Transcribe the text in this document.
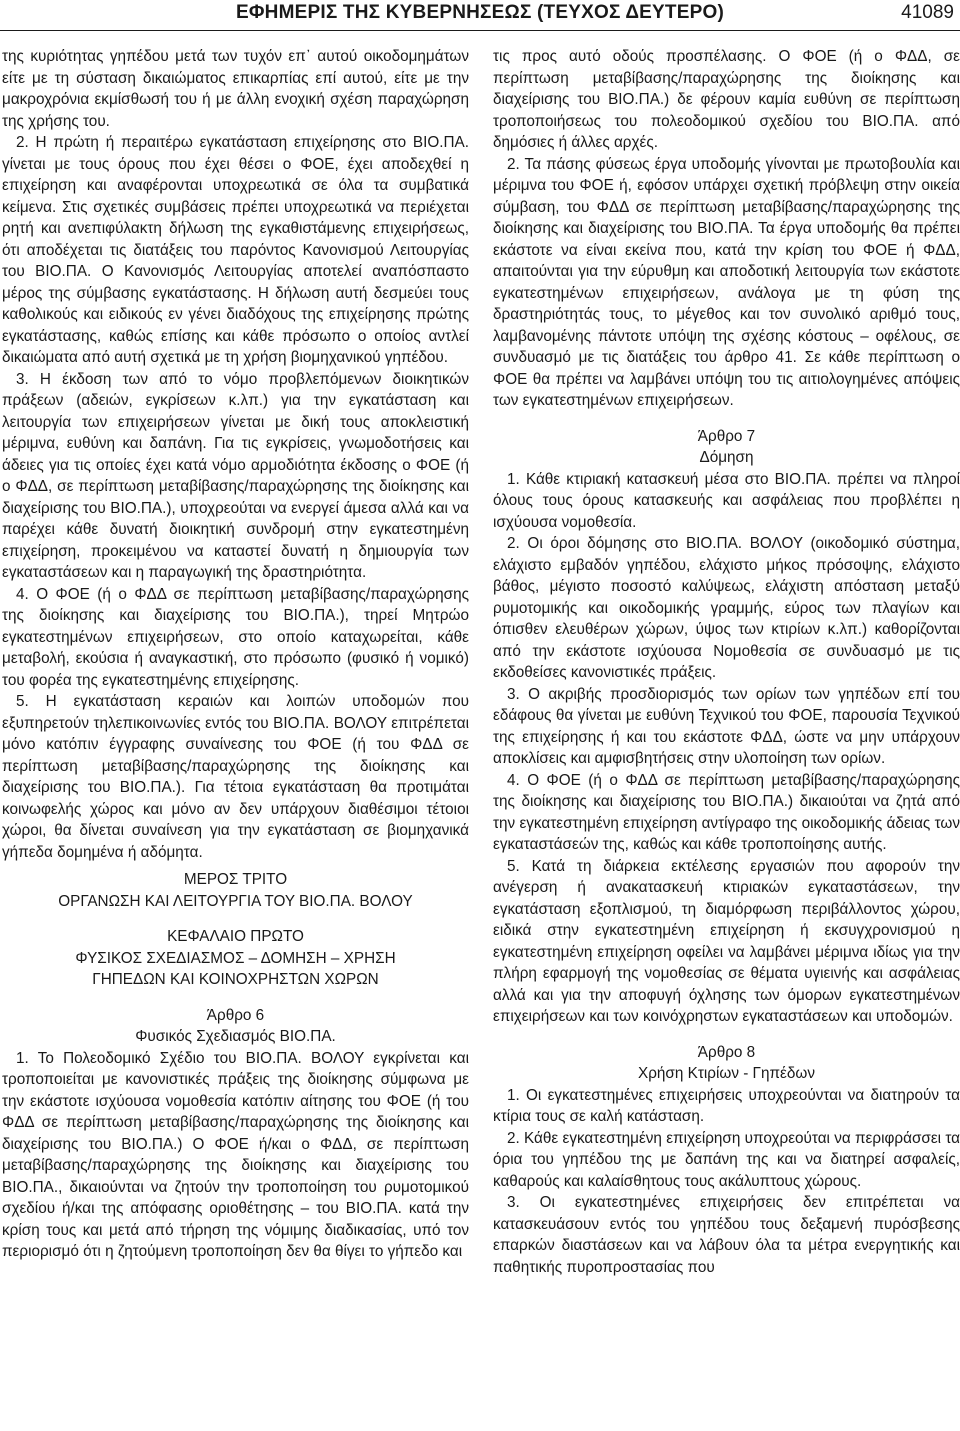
ΕΦΗΜΕΡΙΣ ΤΗΣ ΚΥΒΕΡΝΗΣΕΩΣ (ΤΕΥΧΟΣ ΔΕΥΤΕΡΟ)	41089

της κυριότητας γηπέδου μετά των τυχόν επ᾽ αυτού οικοδομημάτων είτε με τη σύσταση δικαιώματος επικαρπίας επί αυτού, είτε με την μακροχρόνια εκμίσθωσή του ή με άλλη ενοχική σχέση παραχώρηση της χρήσης του.

2. Η πρώτη ή περαιτέρω εγκατάσταση επιχείρησης στο ΒΙΟ.ΠΑ. γίνεται με τους όρους που έχει θέσει ο ΦΟΕ, έχει αποδεχθεί η επιχείρηση και αναφέρονται υποχρεωτικά σε όλα τα συμβατικά κείμενα. Στις σχετικές συμβάσεις πρέπει υποχρεωτικά να περιέχεται ρητή και ανεπιφύλακτη δήλωση της εγκαθιστάμενης επιχειρήσεως, ότι αποδέχεται τις διατάξεις του παρόντος Κανονισμού Λειτουργίας του ΒΙΟ.ΠΑ. Ο Κανονισμός Λειτουργίας αποτελεί αναπόσπαστο μέρος της σύμβασης εγκατάστασης. Η δήλωση αυτή δεσμεύει τους καθολικούς και ειδικούς εν γένει διαδόχους της επιχείρησης πρώτης εγκατάστασης, καθώς επίσης και κάθε πρόσωπο ο οποίος αντλεί δικαιώματα από αυτή σχετικά με τη χρήση βιομηχανικού γηπέδου.

3. Η έκδοση των από το νόμο προβλεπόμενων διοικητικών πράξεων (αδειών, εγκρίσεων κ.λπ.) για την εγκατάσταση και λειτουργία των επιχειρήσεων γίνεται με δική τους αποκλειστική μέριμνα, ευθύνη και δαπάνη. Για τις εγκρίσεις, γνωμοδοτήσεις και άδειες για τις οποίες έχει κατά νόμο αρμοδιότητα έκδοσης ο ΦΟΕ (ή ο ΦΔΔ, σε περίπτωση μεταβίβασης/παραχώρησης της διοίκησης και διαχείρισης του ΒΙΟ.ΠΑ.), υποχρεούται να ενεργεί άμεσα αλλά και να παρέχει κάθε δυνατή διοικητική συνδρομή στην εγκατεστημένη επιχείρηση, προκειμένου να καταστεί δυνατή η δημιουργία των εγκαταστάσεων και η παραγωγική της δραστηριότητα.

4. Ο ΦΟΕ (ή ο ΦΔΔ σε περίπτωση μεταβίβασης/παραχώρησης της διοίκησης και διαχείρισης του ΒΙΟ.ΠΑ.), τηρεί Μητρώο εγκατεστημένων επιχειρήσεων, στο οποίο καταχωρείται, κάθε μεταβολή, εκούσια ή αναγκαστική, στο πρόσωπο (φυσικό ή νομικό) του φορέα της εγκατεστημένης επιχείρησης.

5. Η εγκατάσταση κεραιών και λοιπών υποδομών που εξυπηρετούν τηλεπικοινωνίες εντός του ΒΙΟ.ΠΑ. ΒΟΛΟΥ επιτρέπεται μόνο κατόπιν έγγραφης συναίνεσης του ΦΟΕ (ή του ΦΔΔ σε περίπτωση μεταβίβασης/παραχώρησης της διοίκησης και διαχείρισης του ΒΙΟ.ΠΑ.). Για τέτοια εγκατάσταση θα προτιμάται κοινωφελής χώρος και μόνο αν δεν υπάρχουν διαθέσιμοι τέτοιοι χώροι, θα δίνεται συναίνεση για την εγκατάσταση σε βιομηχανικά γήπεδα δομημένα ή αδόμητα.

ΜΕΡΟΣ ΤΡΙΤΟ

ΟΡΓΑΝΩΣΗ ΚΑΙ ΛΕΙΤΟΥΡΓΙΑ ΤΟΥ ΒΙΟ.ΠΑ. ΒΟΛΟΥ

ΚΕΦΑΛΑΙΟ ΠΡΩΤΟ

ΦΥΣΙΚΟΣ ΣΧΕΔΙΑΣΜΟΣ – ΔΟΜΗΣΗ – ΧΡΗΣΗ

ΓΗΠΕΔΩΝ ΚΑΙ ΚΟΙΝΟΧΡΗΣΤΩΝ ΧΩΡΩΝ

Άρθρο 6

Φυσικός Σχεδιασμός ΒΙΟ.ΠΑ.

1. Το Πολεοδομικό Σχέδιο του ΒΙΟ.ΠΑ. ΒΟΛΟΥ εγκρίνεται και τροποποιείται με κανονιστικές πράξεις της διοίκησης σύμφωνα με την εκάστοτε ισχύουσα νομοθεσία κατόπιν αίτησης του ΦΟΕ (ή του ΦΔΔ σε περίπτωση μεταβίβασης/παραχώρησης της διοίκησης και διαχείρισης του ΒΙΟ.ΠΑ.) Ο ΦΟΕ ή/και ο ΦΔΔ, σε περίπτωση μεταβίβασης/παραχώρησης της διοίκησης και διαχείρισης του ΒΙΟ.ΠΑ., δικαιούνται να ζητούν την τροποποίηση του ρυμοτομικού σχεδίου ή/και της απόφασης οριοθέτησης – του ΒΙΟ.ΠΑ. κατά την κρίση τους και μετά από τήρηση της νόμιμης διαδικασίας, υπό τον περιορισμό ότι η ζητούμενη τροποποίηση δεν θα θίγει το γήπεδο και

τις προς αυτό οδούς προσπέλασης. Ο ΦΟΕ (ή ο ΦΔΔ, σε περίπτωση μεταβίβασης/παραχώρησης της διοίκησης και διαχείρισης του ΒΙΟ.ΠΑ.) δε φέρουν καμία ευθύνη σε περίπτωση τροποποιήσεως του πολεοδομικού σχεδίου του ΒΙΟ.ΠΑ. από δημόσιες ή άλλες αρχές.

2. Τα πάσης φύσεως έργα υποδομής γίνονται με πρωτοβουλία και μέριμνα του ΦΟΕ ή, εφόσον υπάρχει σχετική πρόβλεψη στην οικεία σύμβαση, του ΦΔΔ σε περίπτωση μεταβίβασης/παραχώρησης της διοίκησης και διαχείρισης του ΒΙΟ.ΠΑ. Τα έργα υποδομής θα πρέπει εκάστοτε να είναι εκείνα που, κατά την κρίση του ΦΟΕ ή ΦΔΔ, απαιτούνται για την εύρυθμη και αποδοτική λειτουργία των εκάστοτε εγκατεστημένων επιχειρήσεων, ανάλογα με τη φύση της δραστηριότητάς τους, το μέγεθος και τον συνολικό αριθμό τους, λαμβανομένης πάντοτε υπόψη της σχέσης κόστους – οφέλους, σε συνδυασμό με τις διατάξεις του άρθρο 41. Σε κάθε περίπτωση ο ΦΟΕ θα πρέπει να λαμβάνει υπόψη του τις αιτιολογημένες απόψεις των εγκατεστημένων επιχειρήσεων.

Άρθρο 7

Δόμηση

1. Κάθε κτιριακή κατασκευή μέσα στο ΒΙΟ.ΠΑ. πρέπει να πληροί όλους τους όρους κατασκευής και ασφάλειας που προβλέπει η ισχύουσα νομοθεσία.

2. Οι όροι δόμησης στο ΒΙΟ.ΠΑ. ΒΟΛΟΥ (οικοδομικό σύστημα, ελάχιστο εμβαδόν γηπέδου, ελάχιστο μήκος πρόσοψης, ελάχιστο βάθος, μέγιστο ποσοστό καλύψεως, ελάχιστη απόσταση μεταξύ ρυμοτομικής και οικοδομικής γραμμής, εύρος των πλαγίων και όπισθεν ελευθέρων χώρων, ύψος των κτιρίων κ.λπ.) καθορίζονται από την εκάστοτε ισχύουσα Νομοθεσία σε συνδυασμό με τις εκδοθείσες κανονιστικές πράξεις.

3. Ο ακριβής προσδιορισμός των ορίων των γηπέδων επί του εδάφους θα γίνεται με ευθύνη Τεχνικού του ΦΟΕ, παρουσία Τεχνικού της επιχείρησης ή και του εκάστοτε ΦΔΔ, ώστε να μην υπάρχουν αποκλίσεις και αμφισβητήσεις στην υλοποίηση των ορίων.

4. Ο ΦΟΕ (ή ο ΦΔΔ σε περίπτωση μεταβίβασης/παραχώρησης της διοίκησης και διαχείρισης του ΒΙΟ.ΠΑ.) δικαιούται να ζητά από την εγκατεστημένη επιχείρηση αντίγραφο της οικοδομικής άδειας των εγκαταστάσεών της, καθώς και κάθε τροποποίησης αυτής.

5. Κατά τη διάρκεια εκτέλεσης εργασιών που αφορούν την ανέγερση ή ανακατασκευή κτιριακών εγκαταστάσεων, την εγκατάσταση εξοπλισμού, τη διαμόρφωση περιβάλλοντος χώρου, ειδικά στην εγκατεστημένη επιχείρηση ή εκσυγχρονισμού η εγκατεστημένη επιχείρηση οφείλει να λαμβάνει μέριμνα ιδίως για την πλήρη εφαρμογή της νομοθεσίας σε θέματα υγιεινής και ασφάλειας αλλά και για την αποφυγή όχλησης των όμορων εγκατεστημένων επιχειρήσεων και των κοινόχρηστων εγκαταστάσεων και υποδομών.

Άρθρο 8

Χρήση Κτιρίων - Γηπέδων

1. Οι εγκατεστημένες επιχειρήσεις υποχρεούνται να διατηρούν τα κτίρια τους σε καλή κατάσταση.

2. Κάθε εγκατεστημένη επιχείρηση υποχρεούται να περιφράσσει τα όρια του γηπέδου της με δαπάνη της και να διατηρεί ασφαλείς, καθαρούς και καλαίσθητους τους ακάλυπτους χώρους.

3. Οι εγκατεστημένες επιχειρήσεις δεν επιτρέπεται να κατασκευάσουν εντός του γηπέδου τους δεξαμενή πυρόσβεσης επαρκών διαστάσεων και να λάβουν όλα τα μέτρα ενεργητικής και παθητικής πυροπροστασίας που
